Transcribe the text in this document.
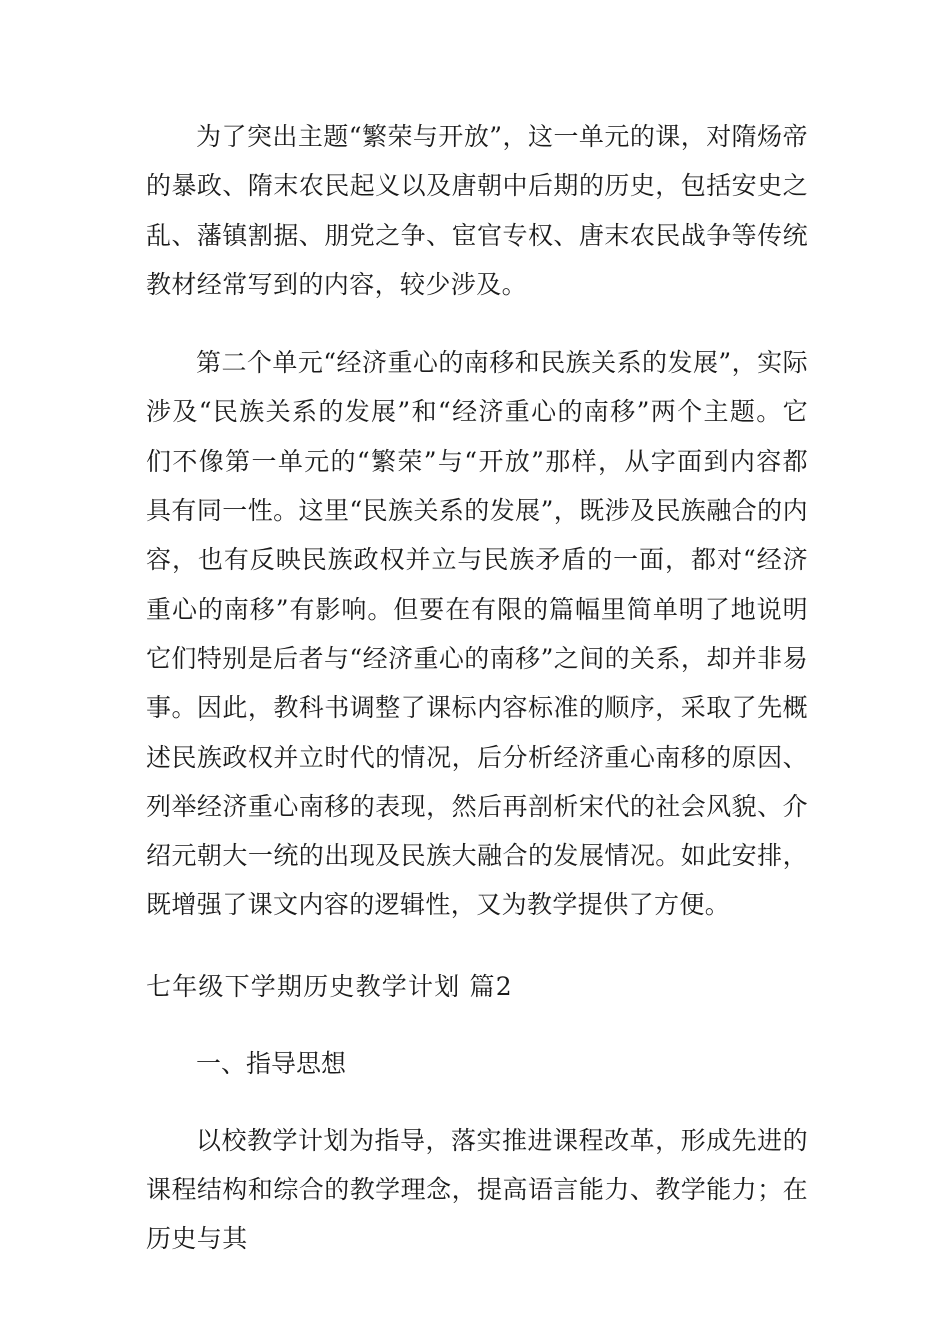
为了突出主题“繁荣与开放”，这一单元的课，对隋炀帝的暴政、隋末农民起义以及唐朝中后期的历史，包括安史之乱、藩镇割据、朋党之争、宦官专权、唐末农民战争等传统教材经常写到的内容，较少涉及。

第二个单元“经济重心的南移和民族关系的发展”，实际涉及“民族关系的发展”和“经济重心的南移”两个主题。它们不像第一单元的“繁荣”与“开放”那样，从字面到内容都具有同一性。这里“民族关系的发展”，既涉及民族融合的内容，也有反映民族政权并立与民族矛盾的一面，都对“经济重心的南移”有影响。但要在有限的篇幅里简单明了地说明它们特别是后者与“经济重心的南移”之间的关系，却并非易事。因此，教科书调整了课标内容标准的顺序，采取了先概述民族政权并立时代的情况，后分析经济重心南移的原因、列举经济重心南移的表现，然后再剖析宋代的社会风貌、介绍元朝大一统的出现及民族大融合的发展情况。如此安排，既增强了课文内容的逻辑性，又为教学提供了方便。

七年级下学期历史教学计划 篇2

一、指导思想

以校教学计划为指导，落实推进课程改革，形成先进的课程结构和综合的教学理念，提高语言能力、教学能力；在历史与其
